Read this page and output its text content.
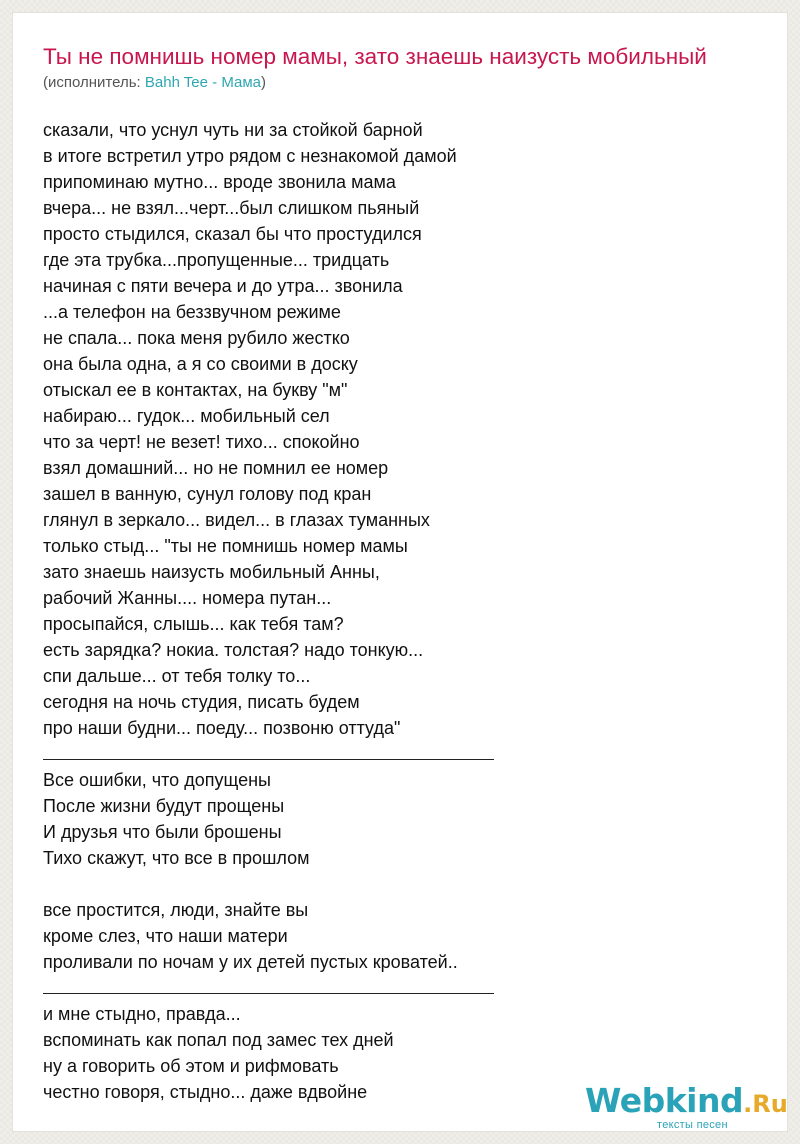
Ты не помнишь номер мамы, зато знаешь наизусть мобильный
(исполнитель: Bahh Tee - Мама)
сказали, что уснул чуть ни за стойкой барной
в итоге встретил утро рядом с незнакомой дамой
припоминаю мутно... вроде звонила мама
вчера... не взял...черт...был слишком пьяный
просто стыдился, сказал бы что простудился
где эта трубка...пропущенные... тридцать
начиная с пяти вечера и до утра... звонила
...а телефон на беззвучном режиме
не спала... пока меня рубило жестко
она была одна, а я со своими в доску
отыскал ее в контактах, на букву "м"
набираю... гудок... мобильный сел
что за черт! не везет! тихо... спокойно
взял домашний... но не помнил ее номер
зашел в ванную, сунул голову под кран
глянул в зеркало... видел... в глазах туманных
только стыд... "ты не помнишь номер мамы
зато знаешь наизусть мобильный Анны,
рабочий Жанны.... номера путан...
просыпайся, слышь... как тебя там?
есть зарядка? нокиа. толстая? надо тонкую...
спи дальше... от тебя толку то...
сегодня на ночь студия, писать будем
про наши будни... поеду... позвоню оттуда"
Все ошибки, что допущены
После жизни будут прощены
И друзья что были брошены
Тихо скажут, что все в прошлом
все простится, люди, знайте вы
кроме слез, что наши матери
проливали по ночам у их детей пустых кроватей..
и мне стыдно, правда...
вспоминать как попал под замес тех дней
ну а говорить об этом и рифмовать
честно говоря, стыдно... даже вдвойне	Webkind.Ru
тексты песен
